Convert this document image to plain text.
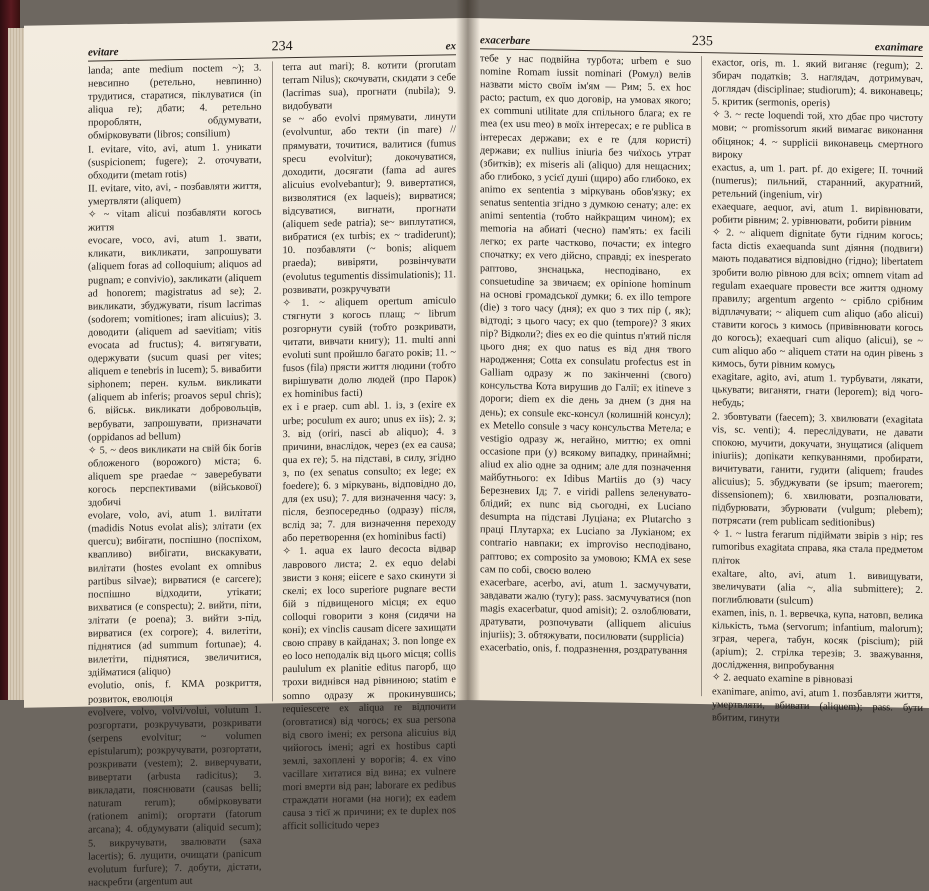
evitare	234	ex

landa; ante medium noctem ~); 3. невсипно (ретельно, невпинно) трудитися, старатися, піклуватися (in aliqua re); дбати; 4. ретельно пророблятн, обдумувати, обмірковувати (libros; consilium)

I. evitare, vito, avi, atum 1. уникати (suspicionem; fugere); 2. оточувати, обходити (metam rotis)

II. evitare, vito, avi, - позбавляти життя, умертвляти (aliquem)

✧ ~ vitam alicui позбавляти когось життя

evocare, voco, avi, atum 1. звати, кликати, викликати, запрошувати (aliquem foras ad colloquium; aliquos ad pugnam; e convivio), закликати (aliquem ad honorem; magistratus ad se); 2. викликати, збуджувати, risum lacrimas (sodorem; vomitiones; iram alicuius); 3. доводити (aliquem ad saevitiam; vitis evocata ad fructus); 4. витягувати, одержувати (sucum quasi per vites; aliquem e tenebris in lucem); 5. вивабити siphonem; перен. кульм. викликати (aliquem ab inferis; proavos sepul chris); 6. військ. викликати добровольців, вербувати, запрошувати, призначати (oppidanos ad bellum)

✧ 5. ~ deos викликати на свій бік богів обложеного (ворожого) міста; 6. aliquem spe praedae ~ заверебувати когось перспективами (військової) здобичі

evolare, volo, avi, atum 1. вилітати (madidis Notus evolat alis); злітати (ex quercu); вибігати, поспішно (поспіхом, квапливо) вибігати, вискакувати, вилітати (hostes evolant ex omnibus partibus silvae); вирватися (e carcere); поспішно відходити, утікати; вихватися (e conspectu); 2. вийти, піти, злітати (e poena); 3. вийти з-під, вирватися (ex corpore); 4. вилетіти, піднятися (ad summum fortunae); 4. вилетіти, піднятися, звеличитися, здійматися (aliquo)

evolutio, onis, f. КМА розкриття, розвиток, еволюція

evolvere, volvo, volvi/volui, volutum 1. розгортати, розкручувати, розкривати (serpens evolvitur; ~ volumen epistularum); розкручувати, розгортати, розкривати (vestem); 2. виверчувати, вивертати (arbusta radicitus); 3. викладати, пояснювати (causas belli; naturam rerum); обмірковувати (rationem animi); огортати (fatorum arcana); 4. обдумувати (aliquid secum); 5. викручувати, звалювати (saxa lacertis); 6. лущити, очищати (panicum evolutum furfure); 7. добути, дістати, наскребти (argentum aut

terra aut mari); 8. котити (prorutam terram Nilus); скочувати, скидати з себе (lacrimas sua), прогнати (nubila); 9. видобувати

se ~ або evolvi прямувати, линути (evolvuntur, або текти (in mare) // прямувати, точитися, валитися (fumus specu evolvitur); докочуватися, доходити, досягати (fama ad aures alicuius evolvebantur); 9. вивертатися, визволятися (ex laqueis); вирватися; відсуватися, вигнати, прогнати (aliquem sede patria); se~ виплутатися, вибратися (ex turbis; ex ~ tradiderunt); 10. позбавляти (~ bonis; aliquem praeda); вивіряти, розвінчувати (evolutus tegumentis dissimulationis); 11. розвивати, розкручувати

✧ 1. ~ aliquem opertum amiculo стягнути з когось плащ; ~ librum розгорнути сувій (тобто розкривати, читати, вивчати книгу); 11. multi anni evoluti sunt пройшло багато років; 11. ~ fusos (fila) прясти життя людини (тобто вирішувати долю людей (про Парок) ex hominibus facti)

ex i e praep. cum abl. 1. із, з (exire ex urbe; poculum ex auro; unus ex iis); 2. з; 3. від (oriri, nasci ab aliquo); 4. з причини, внаслідок, через (ex ea causa; qua ex re); 5. на підставі, в силу, згідно з, по (ex senatus consulto; ex lege; ex foedere); 6. з міркувань, відповідно до, для (ex usu); 7. для визначення часу: з, після, безпосередньо (одразу) після, вслід за; 7. для визначення переходу або перетворення (ex hominibus facti)

✧ 1. aqua ex lauro decocta відвар лаврового листа; 2. ex equo delabi звисти з коня; eiicere e saxo скинути зі скелі; ex loco superiore pugnare вести бій з підвищеного місця; ex equo colloqui говорити з коня (сидячи на коні); ex vinclis causam dicere захищати свою справу в кайданах; 3. non longe ex eo loco неподалік від цього місця; collis paululum ex planitie editus пагорб, що трохи виднівся над рівниною; statim e somno одразу ж прокинувшись; requiescere ex aliqua re відпочити (оговтатися) від чогось; ex sua persona від свого імені; ex persona alicuius від чийогось імені; agri ex hostibus capti землі, захоплені у ворогів; 4. ex vino vacillare хитатися від вина; ex vulnere mori вмерти від ран; laborare ex pedibus страждати ногами (на ноги); ex eadem causa з тієї ж причини; ex te duplex nos afficit sollicitudo через

exacerbare	235	exanimare

тебе у нас подвійна турбота; urbem e suo nomine Romam iussit nominari (Ромул) велів назвати місто своїм ім'ям — Рим; 5. ex hoc pacto; pactum, ex quo договір, на умовах якого; ex communi utilitate для спільного блага; ex re mea (ex usu meo) в моїх інтересах; e re publica в інтересах держави; ex e re (для користі) держави; ex nullius iniuria без чиїхось утрат (збитків); ex miseris ali (aliquo) для нещасних; або глибоко, з усієї душі (щиро) або глибоко, ex animo ex sententia з міркувань обов'язку; ex senatus sententia згідно з думкою сенату; але: ex animi sententia (тобто найкращим чином); ex memoria на абиаті (чесно) пам'ять: ex facili легко; ex parte частково, почасти; ex integro спочатку; ex vero дійсно, справді; ex inesperato раптово, знєнацька, несподівано, ex consuetudine за звичаєм; ex opinione hominum на основі громадської думки; 6. ex illo tempore (die) з того часу (дня); ex quo з тих пір (, як); відтоді; з цього часу; ex quo (tempore)? З яких пір? Відколи?; dies ex eo die quintus п'ятий після цього дня; ex quo natus es від дня твого народження; Cotta ex consulatu profectus est in Galliam одразу ж по закінченні (свого) консульства Кота вирушив до Галії; ex itineve з дороги; diem ex die день за днем (з дня на день); ex consule екс-консул (колишній консул); ex Metello consule з часу консульства Метела; e vestigio одразу ж, негайно, миттю; ex omni occasione при (у) всякому випадку, принаймні; aliud ex alio одне за одним; але для позначення майбутнього: ex Idibus Martiis до (з) часу Березневих Ід; 7. e viridi pallens зеленувато-блідий; ex nunc від сьогодні, ex Luciano desumpta на підставі Луціана; ex Plutarcho з праці Плутарха; ex Luciano за Лукіаном; ex contrario навпаки; ex improviso несподівано, раптово; ex composito за умовою; KMA ex sese сам по собі, своєю волею

exacerbare, acerbo, avi, atum 1. засмучувати, завдавати жалю (тугу); pass. засмучуватися (non magis exacerbatur, quod amisit); 2. озлоблювати, дратувати, розпочувати (alliquem alicuius injuriis); 3. обтяжувати, посилювати (supplicia)

exacerbatio, onis, f. подразнення, роздратування

exactor, oris, m. 1. який виганяє (regum); 2. збирач податків; 3. наглядач, дотримувач, доглядач (disciplinae; studiorum); 4. виконавець; 5. критик (sermonis, operis)

✧ 3. ~ recte loquendi той, хто дбає про чистоту мови; ~ promissorum який вимагає виконання обіцянок; 4. ~ supplicii виконавець смертного вироку

exactus, a, um 1. part. pf. до exigere; II. точний (numerus); пильний, старанний, акуратний, ретельний (ingenium, vir)

exaequare, aequor, avi, atum 1. вирівнювати, робити рівним; 2. урівнювати, робити рівним

✧ 2. ~ aliquem dignitate бути гідним когось; facta dictis exaequanda sunt діяння (подвиги) мають подаватися відповідно (гідно); libertatem зробити волю рівною для всіх; omnem vitam ad regulam exaequare провести все життя одному правилу; argentum argento ~ срібло срібним відплачувати; ~ aliquem cum aliquo (або alicui) ставити когось з кимось (привівнювати когось до когось); exaequari cum aliquo (alicui), se ~ cum aliquo або ~ aliquem стати на один рівень з кимось, бути рівним комусь

exagitare, agito, avi, atum 1. турбувати, лякати, цькувати; виганяти, гнати (leporem); від чого-небудь;

2. збовтувати (faecem); 3. хвилювати (exagitata vis, sc. venti); 4. переслідувати, не давати спокою, мучити, докучати, знущатися (aliquem iniuriis); допікати кепкуваннями, пробирати, вичитувати, ганити, гудити (aliquem; fraudes alicuius); 5. збуджувати (se ipsum; maerorem; dissensionem); 6. хвилювати, розпалювати, підбурювати, збурювати (vulgum; plebem); потрясати (rem publicam seditionibus)

✧ 1. ~ lustra ferarum підіймати звірів з нір; res rumoribus exagitata справа, яка стала предметом пліток

exaltare, alto, avi, atum 1. вивищувати, звеличувати (alia ~, alia submittere); 2. поглиблювати (sulcum)

examen, inis, n. 1. вервечка, купа, натовп, велика кількість, тьма (servorum; infantium, malorum); зграя, черега, табун, косяк (piscium); рій (apium); 2. стрілка терезів; 3. зважування, дослідження, випробування

✧ 2. aequato examine в рівновазі

exanimare, animo, avi, atum 1. позбавляти життя, умертвляти, вбивати (aliquem); pass. бути вбитим, гинути
